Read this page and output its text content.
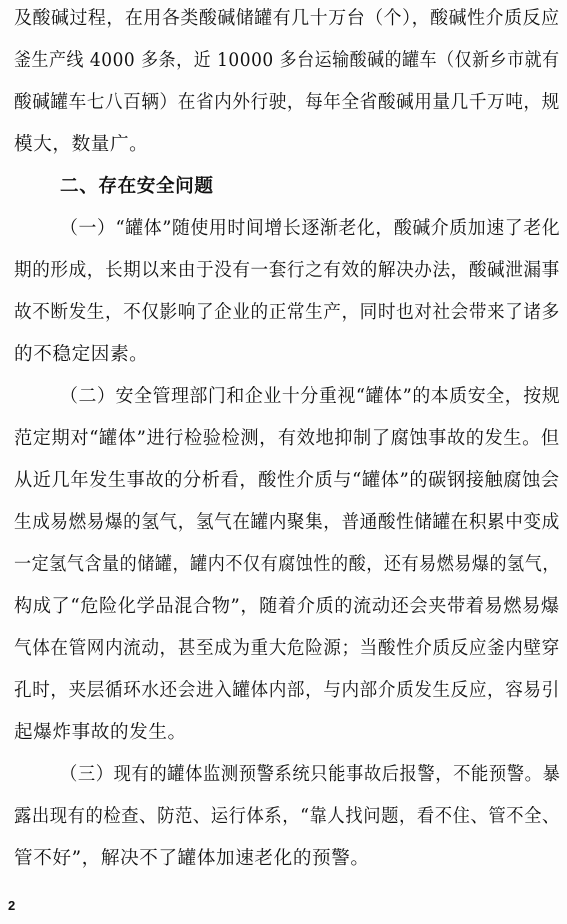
及酸碱过程，在用各类酸碱储罐有几十万台（个），酸碱性介质反应
釜生产线 4000 多条，近 10000 多台运输酸碱的罐车（仅新乡市就有
酸碱罐车七八百辆）在省内外行驶，每年全省酸碱用量几千万吨，规
模大，数量广。
二、存在安全问题
（一）“罐体”随使用时间增长逐渐老化，酸碱介质加速了老化
期的形成，长期以来由于没有一套行之有效的解决办法，酸碱泄漏事
故不断发生，不仅影响了企业的正常生产，同时也对社会带来了诸多
的不稳定因素。
（二）安全管理部门和企业十分重视“罐体”的本质安全，按规
范定期对“罐体”进行检验检测，有效地抑制了腐蚀事故的发生。但
从近几年发生事故的分析看，酸性介质与“罐体”的碳钢接触腐蚀会
生成易燃易爆的氢气，氢气在罐内聚集，普通酸性储罐在积累中变成
一定氢气含量的储罐，罐内不仅有腐蚀性的酸，还有易燃易爆的氢气，
构成了“危险化学品混合物”，随着介质的流动还会夹带着易燃易爆
气体在管网内流动，甚至成为重大危险源；当酸性介质反应釜内壁穿
孔时，夹层循环水还会进入罐体内部，与内部介质发生反应，容易引
起爆炸事故的发生。
（三）现有的罐体监测预警系统只能事故后报警，不能预警。暴
露出现有的检查、防范、运行体系，“靠人找问题，看不住、管不全、
管不好”，解决不了罐体加速老化的预警。
2
